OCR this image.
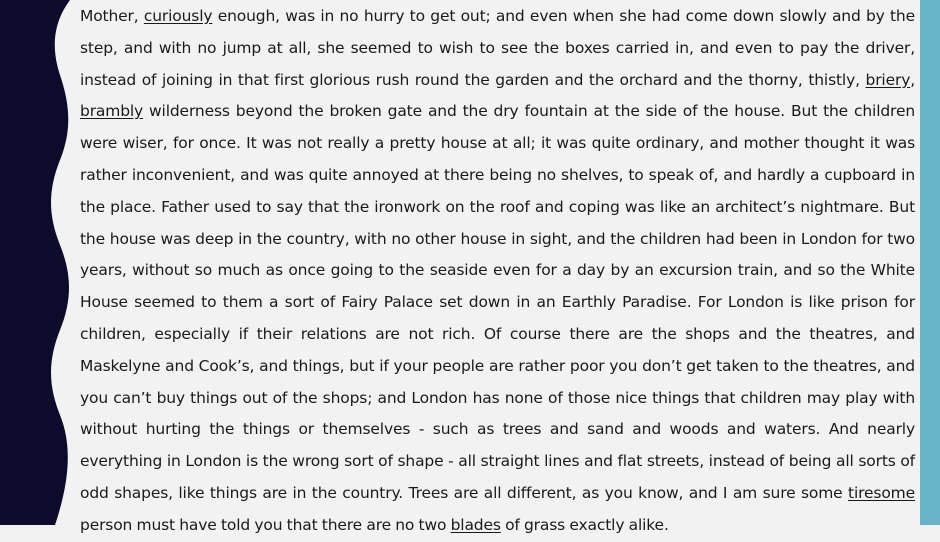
Mother, curiously enough, was in no hurry to get out; and even when she had come down slowly and by the step, and with no jump at all, she seemed to wish to see the boxes carried in, and even to pay the driver, instead of joining in that first glorious rush round the garden and the orchard and the thorny, thistly, briery, brambly wilderness beyond the broken gate and the dry fountain at the side of the house. But the children were wiser, for once. It was not really a pretty house at all; it was quite ordinary, and mother thought it was rather inconvenient, and was quite annoyed at there being no shelves, to speak of, and hardly a cupboard in the place. Father used to say that the ironwork on the roof and coping was like an architect’s nightmare. But the house was deep in the country, with no other house in sight, and the children had been in London for two years, without so much as once going to the seaside even for a day by an excursion train, and so the White House seemed to them a sort of Fairy Palace set down in an Earthly Paradise. For London is like prison for children, especially if their relations are not rich. Of course there are the shops and the theatres, and Maskelyne and Cook’s, and things, but if your people are rather poor you don’t get taken to the theatres, and you can’t buy things out of the shops; and London has none of those nice things that children may play with without hurting the things or themselves - such as trees and sand and woods and waters. And nearly everything in London is the wrong sort of shape - all straight lines and flat streets, instead of being all sorts of odd shapes, like things are in the country. Trees are all different, as you know, and I am sure some tiresome person must have told you that there are no two blades of grass exactly alike.
